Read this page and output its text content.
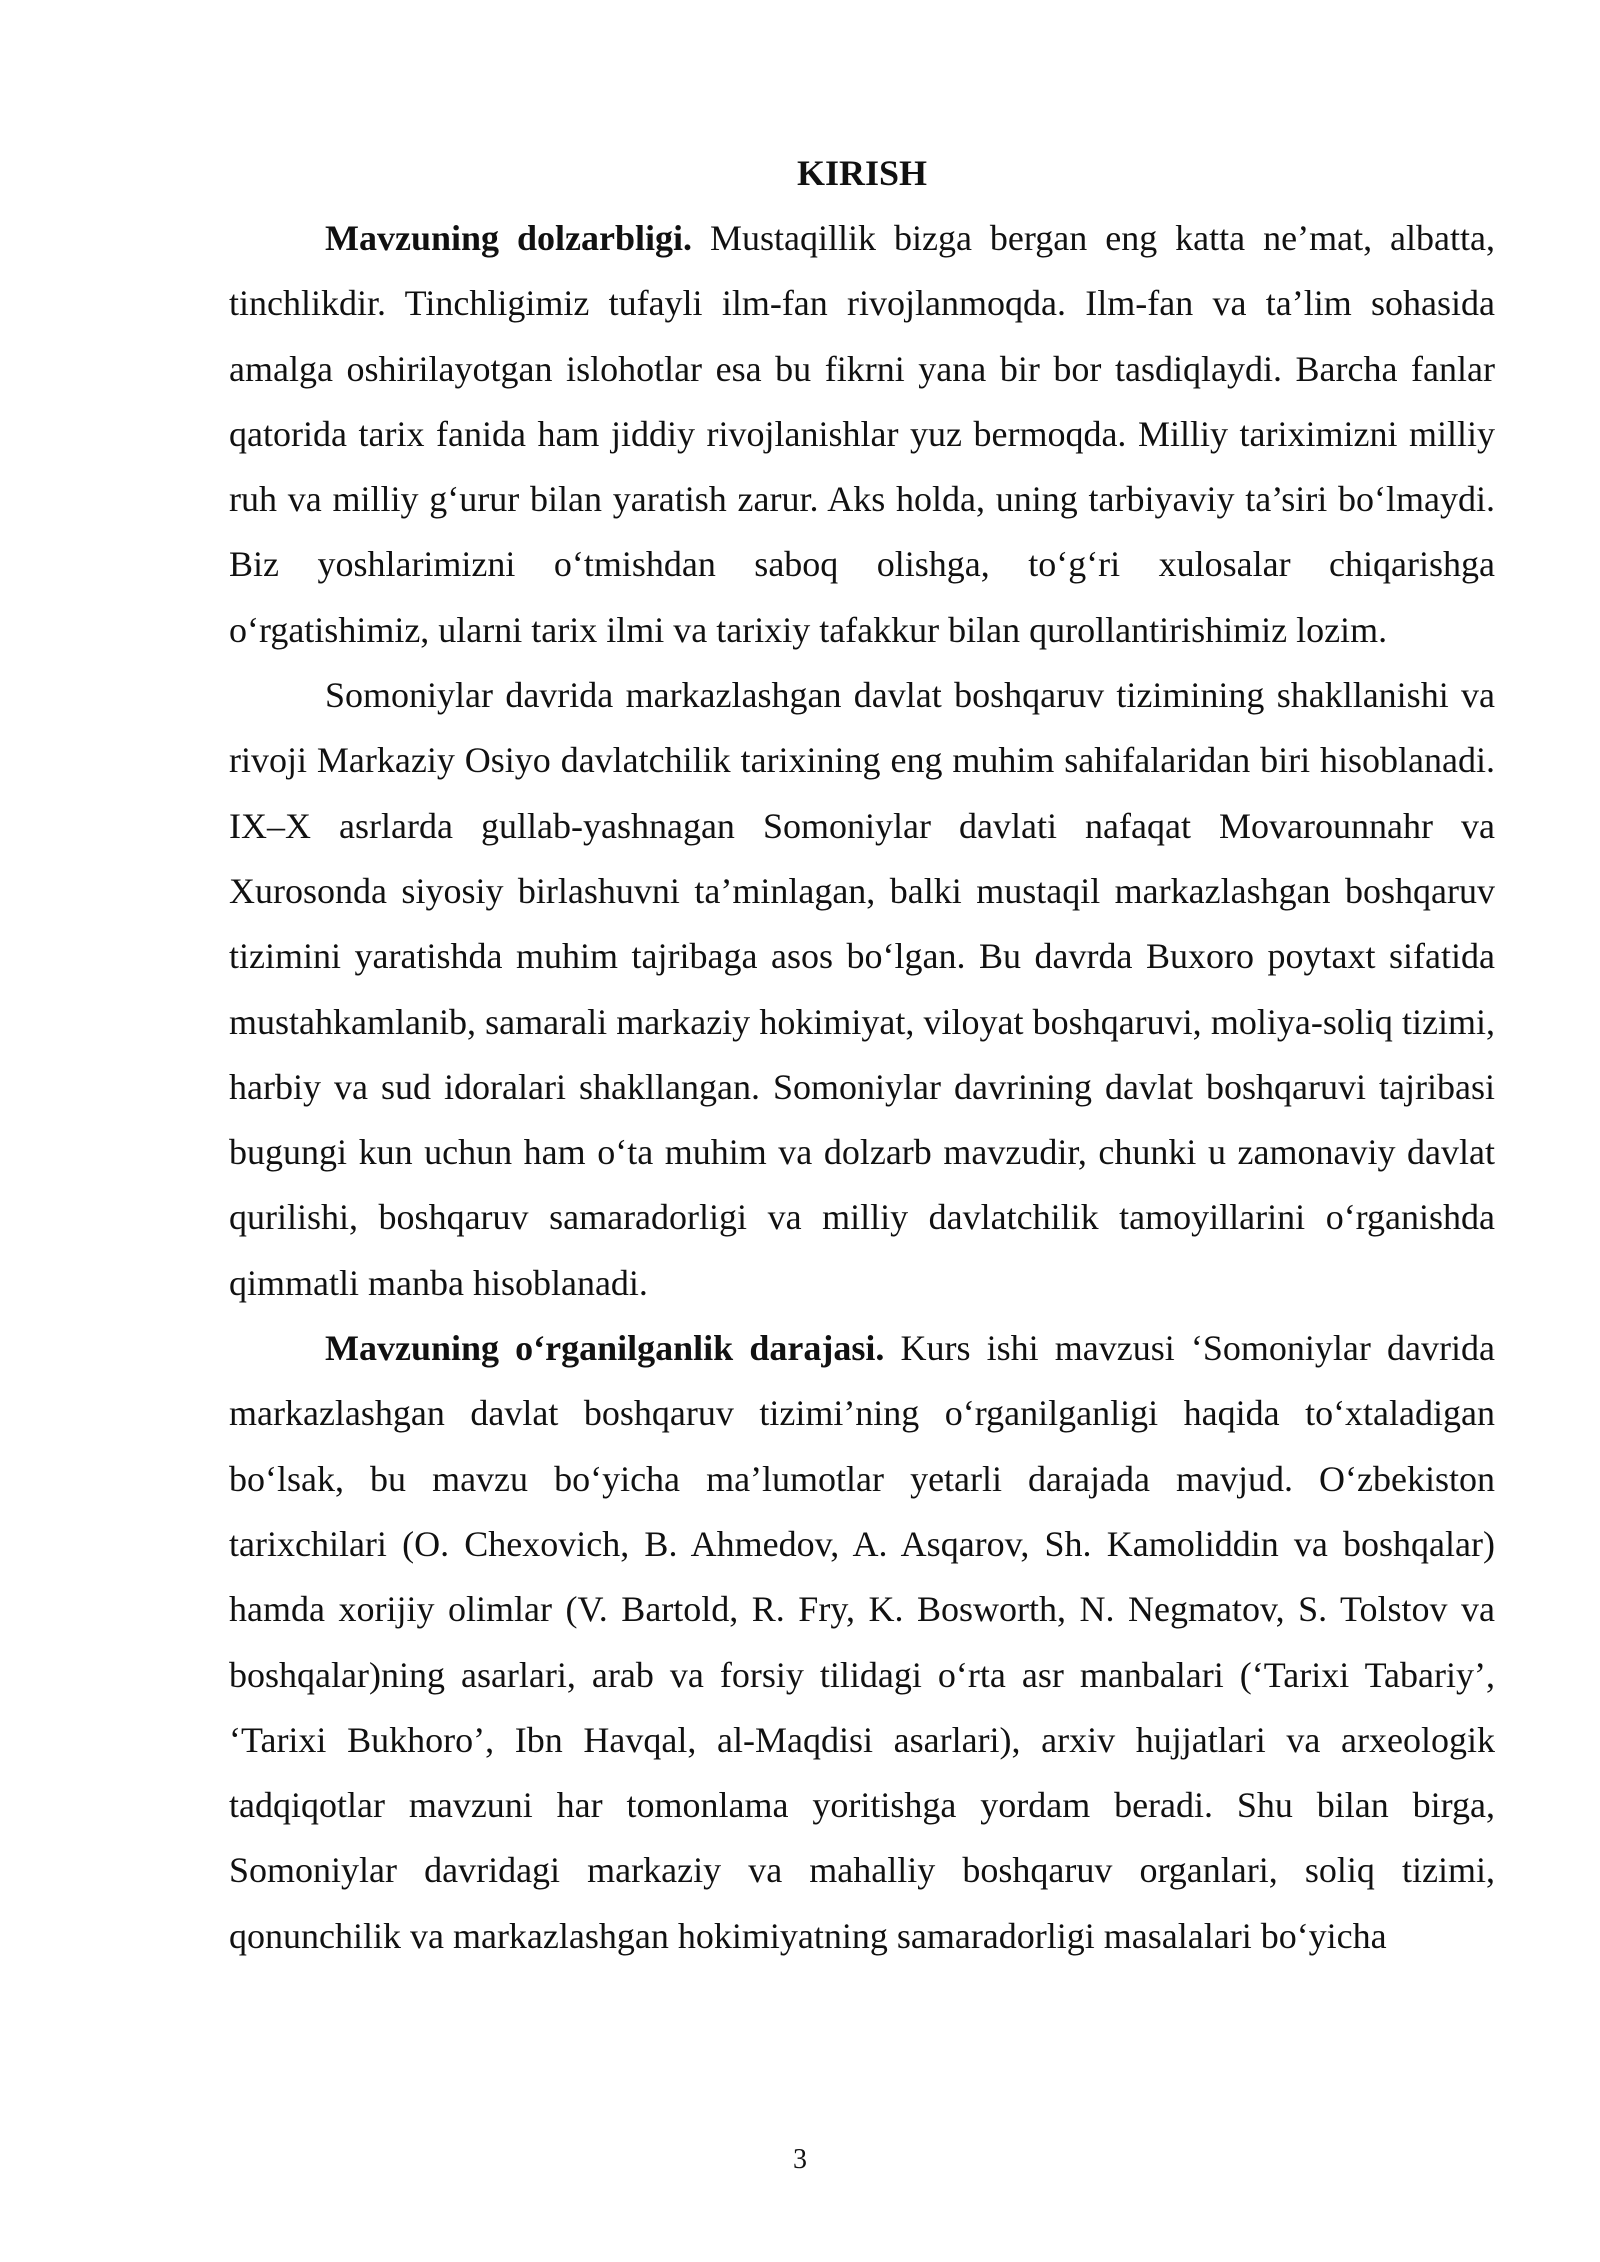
KIRISH

Mavzuning dolzarbligi. Mustaqillik bizga bergan eng katta ne’mat, albatta, tinchlikdir. Tinchligimiz tufayli ilm-fan rivojlanmoqda. Ilm-fan va ta’lim sohasida amalga oshirilayotgan islohotlar esa bu fikrni yana bir bor tasdiqlaydi. Barcha fanlar qatorida tarix fanida ham jiddiy rivojlanishlar yuz bermoqda. Milliy tariximizni milliy ruh va milliy g‘urur bilan yaratish zarur. Aks holda, uning tarbiyaviy ta’siri bo‘lmaydi. Biz yoshlarimizni o‘tmishdan saboq olishga, to‘g‘ri xulosalar chiqarishga o‘rgatishimiz, ularni tarix ilmi va tarixiy tafakkur bilan qurollantirishimiz lozim.

Somoniylar davrida markazlashgan davlat boshqaruv tizimining shakllanishi va rivoji Markaziy Osiyo davlatchilik tarixining eng muhim sahifalaridan biri hisoblanadi. IX–X asrlarda gullab-yashnagan Somoniylar davlati nafaqat Movarounnahr va Xurosonda siyosiy birlashuvni ta’minlagan, balki mustaqil markazlashgan boshqaruv tizimini yaratishda muhim tajribaga asos bo‘lgan. Bu davrda Buxoro poytaxt sifatida mustahkamlanib, samarali markaziy hokimiyat, viloyat boshqaruvi, moliya-soliq tizimi, harbiy va sud idoralari shakllangan. Somoniylar davrining davlat boshqaruvi tajribasi bugungi kun uchun ham o‘ta muhim va dolzarb mavzudir, chunki u zamonaviy davlat qurilishi, boshqaruv samaradorligi va milliy davlatchilik tamoyillarini o‘rganishda qimmatli manba hisoblanadi.

Mavzuning o‘rganilganlik darajasi. Kurs ishi mavzusi ‘Somoniylar davrida markazlashgan davlat boshqaruv tizimi’ning o‘rganilganligi haqida to‘xtaladigan bo‘lsak, bu mavzu bo‘yicha ma’lumotlar yetarli darajada mavjud. O‘zbekiston tarixchilari (O. Chexovich, B. Ahmedov, A. Asqarov, Sh. Kamoliddin va boshqalar) hamda xorijiy olimlar (V. Bartold, R. Fry, K. Bosworth, N. Negmatov, S. Tolstov va boshqalar)ning asarlari, arab va forsiy tilidagi o‘rta asr manbalari (‘Tarixi Tabariy’, ‘Tarixi Bukhoro’, Ibn Havqal, al-Maqdisi asarlari), arxiv hujjatlari va arxeologik tadqiqotlar mavzuni har tomonlama yoritishga yordam beradi. Shu bilan birga, Somoniylar davridagi markaziy va mahalliy boshqaruv organlari, soliq tizimi, qonunchilik va markazlashgan hokimiyatning samaradorligi masalalari bo‘yicha

3
